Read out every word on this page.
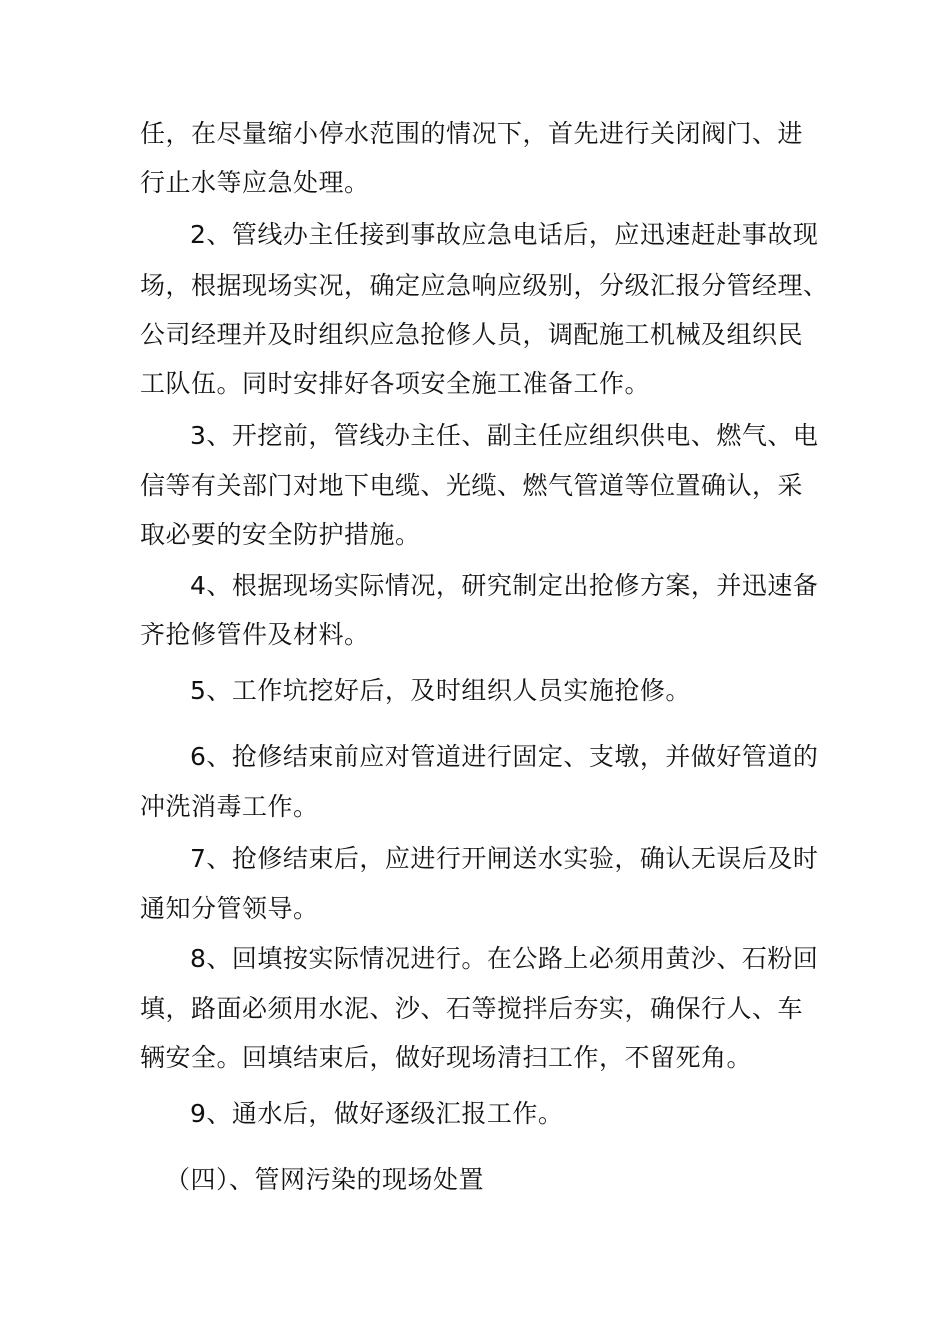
任，在尽量缩小停水范围的情况下，首先进行关闭阀门、进
行止水等应急处理。
2、管线办主任接到事故应急电话后，应迅速赶赴事故现
场，根据现场实况，确定应急响应级别，分级汇报分管经理、
公司经理并及时组织应急抢修人员，调配施工机械及组织民
工队伍。同时安排好各项安全施工准备工作。
3、开挖前，管线办主任、副主任应组织供电、燃气、电
信等有关部门对地下电缆、光缆、燃气管道等位置确认，采
取必要的安全防护措施。
4、根据现场实际情况，研究制定出抢修方案，并迅速备
齐抢修管件及材料。
5、工作坑挖好后，及时组织人员实施抢修。
6、抢修结束前应对管道进行固定、支墩，并做好管道的
冲洗消毒工作。
7、抢修结束后，应进行开闸送水实验，确认无误后及时
通知分管领导。
8、回填按实际情况进行。在公路上必须用黄沙、石粉回
填，路面必须用水泥、沙、石等搅拌后夯实，确保行人、车
辆安全。回填结束后，做好现场清扫工作，不留死角。
9、通水后，做好逐级汇报工作。
（四）、管网污染的现场处置
